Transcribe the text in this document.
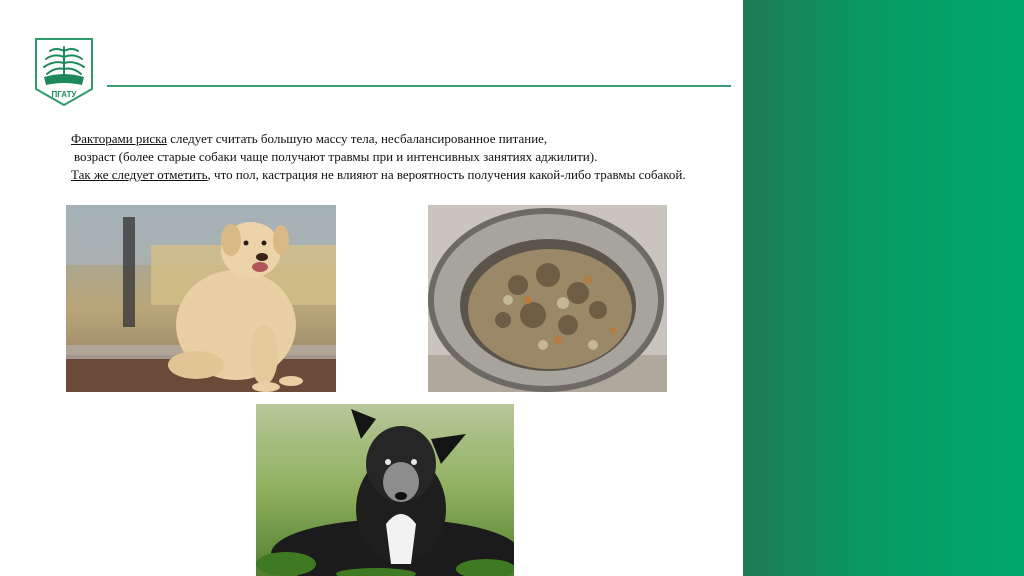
ПГАТУ
Факторами риска следует считать большую массу тела, несбалансированное питание,
возраст (более старые собаки чаще получают травмы при и интенсивных занятиях аджилити).
Так же следует отметить, что пол, кастрация не влияют на вероятность получения какой-либо травмы собакой.
